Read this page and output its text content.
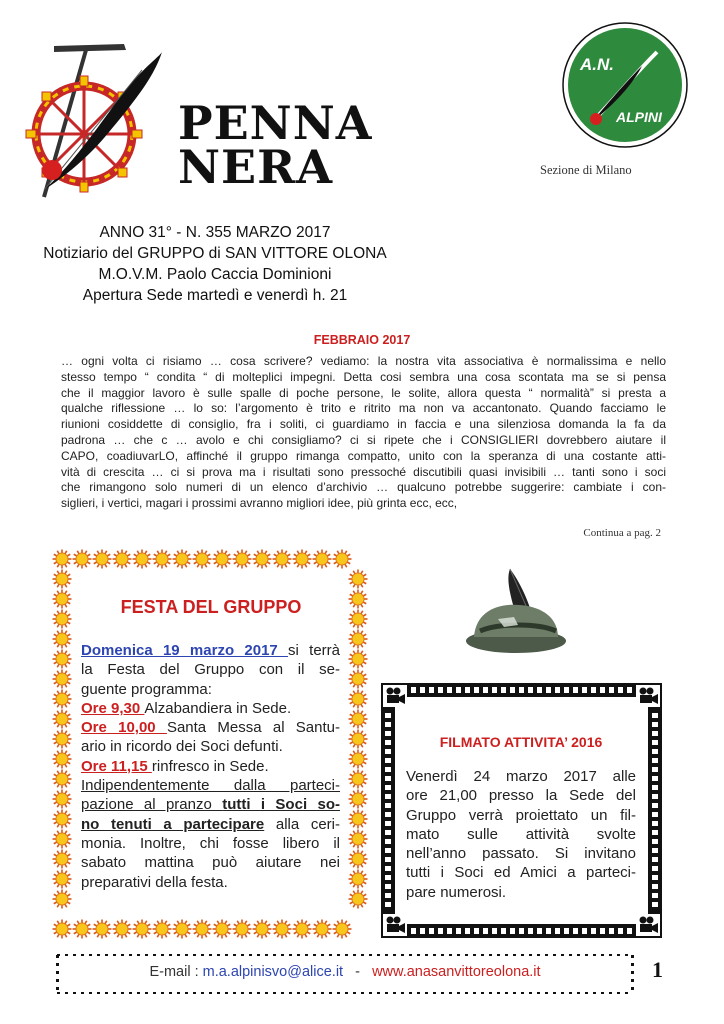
PENNA
NERA
A.N.
ALPINI
Sezione di Milano
ANNO 31° - N. 355 MARZO 2017
Notiziario del GRUPPO di SAN VITTORE OLONA
M.O.V.M. Paolo Caccia Dominioni
Apertura Sede martedì e venerdì h. 21
FEBBRAIO 2017
… ogni volta ci risiamo … cosa scrivere? vediamo: la nostra vita associativa è normalissima e nello
stesso tempo “ condita “ di molteplici impegni. Detta cosi sembra una cosa scontata ma se si pensa
che il maggior lavoro è sulle spalle di poche persone, le solite, allora questa “ normalità” si presta a
qualche riflessione … lo so: l’argomento è trito e ritrito ma non va accantonato. Quando facciamo le
riunioni cosiddette di consiglio, fra i soliti, ci guardiamo in faccia e una silenziosa domanda la fa da
padrona … che c … avolo e chi consigliamo? ci si ripete che i CONSIGLIERI dovrebbero aiutare il
CAPO, coadiuvarLO, affinché il gruppo rimanga compatto, unito con la speranza di una costante atti-
vità di crescita … ci si prova ma i risultati sono pressoché discutibili quasi invisibili … tanti sono i soci
che rimangono solo numeri di un elenco d’archivio … qualcuno potrebbe suggerire: cambiate i con-
siglieri, i vertici, magari i prossimi avranno migliori idee, più grinta ecc, ecc,
Continua a pag. 2
FESTA DEL GRUPPO
Domenica 19 marzo 2017 si terrà
la Festa del Gruppo con il se-
guente programma:
Ore 9,30 Alzabandiera in Sede.
Ore 10,00 Santa Messa al Santu-
ario in ricordo dei Soci defunti.
Ore 11,15 rinfresco in Sede.
Indipendentemente dalla parteci-
pazione al pranzo tutti i Soci so-
no tenuti a partecipare alla ceri-
monia. Inoltre, chi fosse libero il
sabato mattina può aiutare nei
preparativi della festa.
FILMATO ATTIVITA’ 2016
Venerdì 24 marzo 2017 alle
ore 21,00 presso la Sede del
Gruppo verrà proiettato un fil-
mato sulle attività svolte
nell’anno passato. Si invitano
tutti i Soci ed Amici a parteci-
pare numerosi.
E-mail : m.a.alpinisvo@alice.it   -   www.anasanvittoreolona.it	1
